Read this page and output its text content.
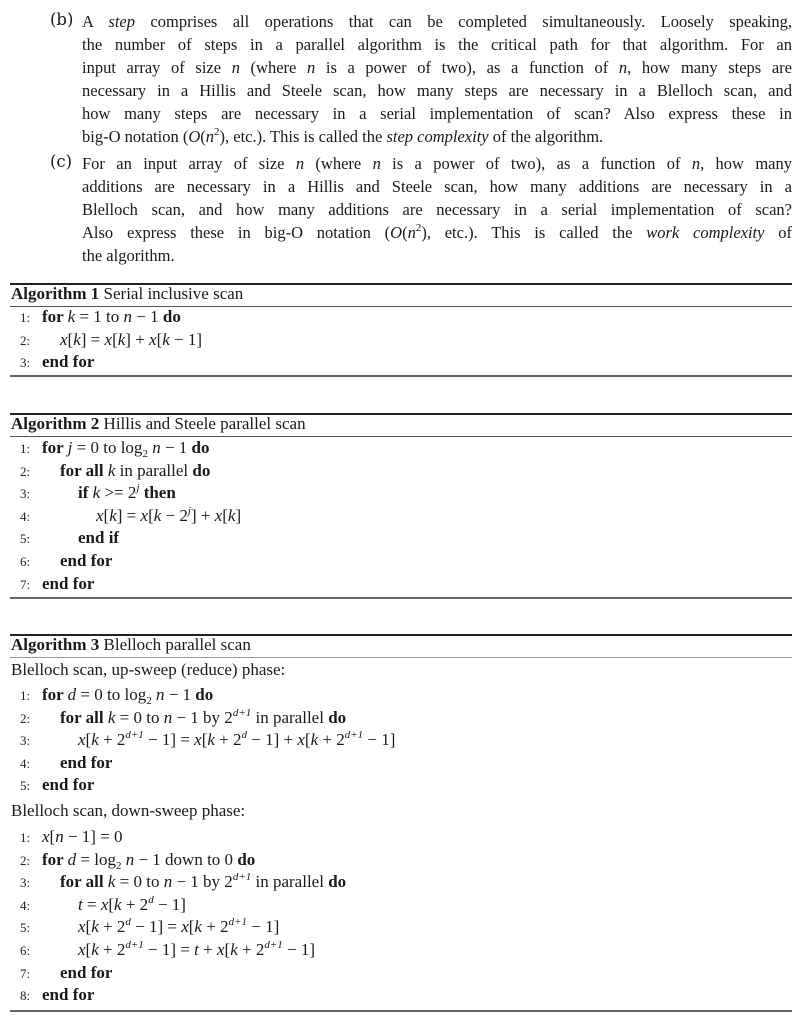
(b) A step comprises all operations that can be completed simultaneously. Loosely speaking,
the number of steps in a parallel algorithm is the critical path for that algorithm. For an
input array of size n (where n is a power of two), as a function of n, how many steps are
necessary in a Hillis and Steele scan, how many steps are necessary in a Blelloch scan, and
how many steps are necessary in a serial implementation of scan? Also express these in
big-O notation ($O(n^2)$, etc.). This is called the step complexity of the algorithm.
(c) For an input array of size n (where n is a power of two), as a function of n, how many
additions are necessary in a Hillis and Steele scan, how many additions are necessary in a
Blelloch scan, and how many additions are necessary in a serial implementation of scan?
Also express these in big-O notation ($O(n^2)$, etc.). This is called the work complexity of
the algorithm.
Algorithm 1 Serial inclusive scan
1: for k = 1 to n − 1 do
2: x[k] = x[k] + x[k − 1]
3: end for
Algorithm 2 Hillis and Steele parallel scan
1: for j = 0 to $\log_2 n - 1$ do
2: for all k in parallel do
3:	if $k >= 2^j$ then
4:	$x[k] = x[k - 2^j] + x[k]$
5:	end if
6: end for
7: end for
Algorithm 3 Blelloch parallel scan
Blelloch scan, up-sweep (reduce) phase:
1: for d = 0 to $\log_2 n - 1$ do
2: for all k = 0 to n − 1 by $2^{d+1}$ in parallel do
3:	$x[k + 2^{d+1} - 1] = x[k + 2^d - 1] + x[k + 2^{d+1} - 1]$
4: end for
5: end for
Blelloch scan, down-sweep phase:
1: x[n − 1] = 0
2: for $d = \log_2 n - 1$ down to 0 do
3: for all k = 0 to n − 1 by $2^{d+1}$ in parallel do
4:	$t = x[k + 2^d - 1]$
5:	$x[k + 2^d - 1] = x[k + 2^{d+1} - 1]$
6:	$x[k + 2^{d+1} - 1] = t + x[k + 2^{d+1} - 1]$
7: end for
8: end for
